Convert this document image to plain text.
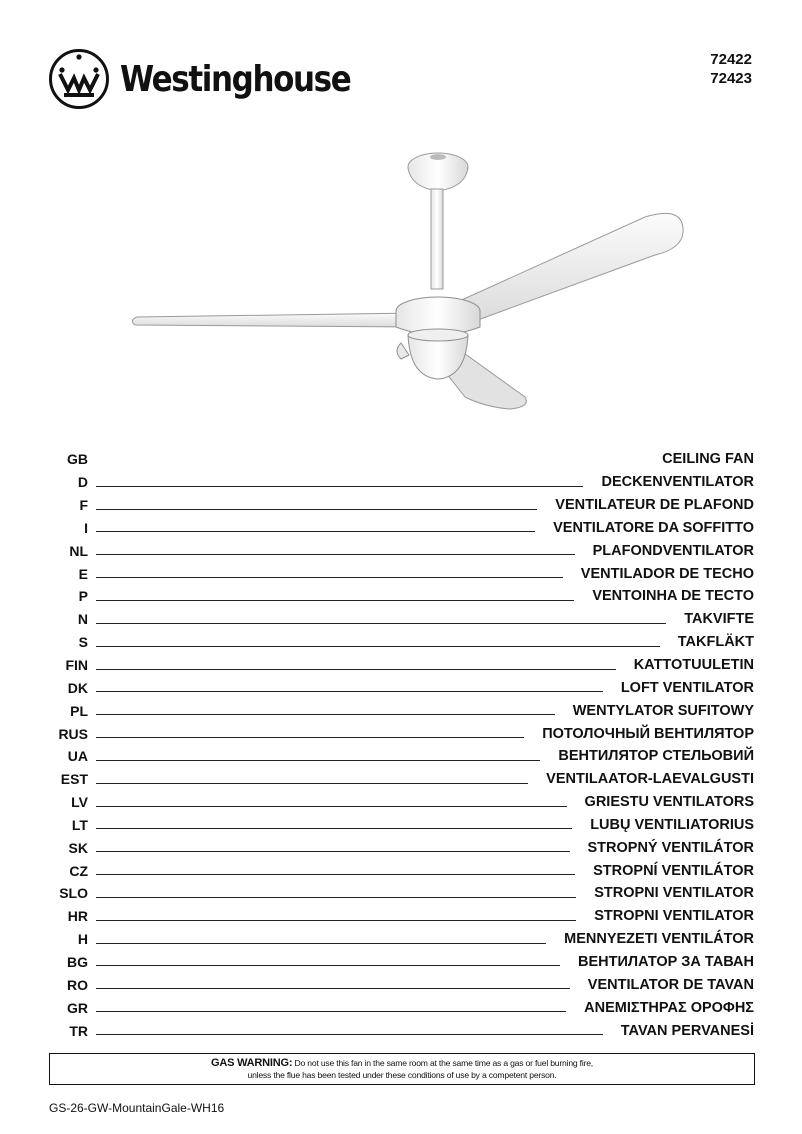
Westinghouse	72422
72423
GB	CEILING FAN
D	DECKENVENTILATOR
F	VENTILATEUR DE PLAFOND
I	VENTILATORE DA SOFFITTO
NL	PLAFONDVENTILATOR
E	VENTILADOR DE TECHO
P	VENTOINHA DE TECTO
N	TAKVIFTE
S	TAKFLÄKT
FIN	KATTOTUULETIN
DK	LOFT VENTILATOR
PL	WENTYLATOR SUFITOWY
RUS	ПОТОЛОЧНЫЙ ВЕНТИЛЯТОР
UA	ВЕНТИЛЯТОР СТЕЛЬОВИЙ
EST	VENTILAATOR-LAEVALGUSTI
LV	GRIESTU VENTILATORS
LT	LUBŲ VENTILIATORIUS
SK	STROPNÝ VENTILÁTOR
CZ	STROPNÍ VENTILÁTOR
SLO	STROPNI VENTILATOR
HR	STROPNI VENTILATOR
H	MENNYEZETI VENTILÁTOR
BG	ВЕНТИЛАТОР ЗА ТАВАН
RO	VENTILATOR DE TAVAN
GR	ΑΝΕΜΙΣΤΗΡΑΣ ΟΡΟΦΗΣ
TR	TAVAN PERVANESİ
GAS WARNING: Do not use this fan in the same room at the same time as a gas or fuel burning fire,
unless the flue has been tested under these conditions of use by a competent person.
GS-26-GW-MountainGale-WH16
